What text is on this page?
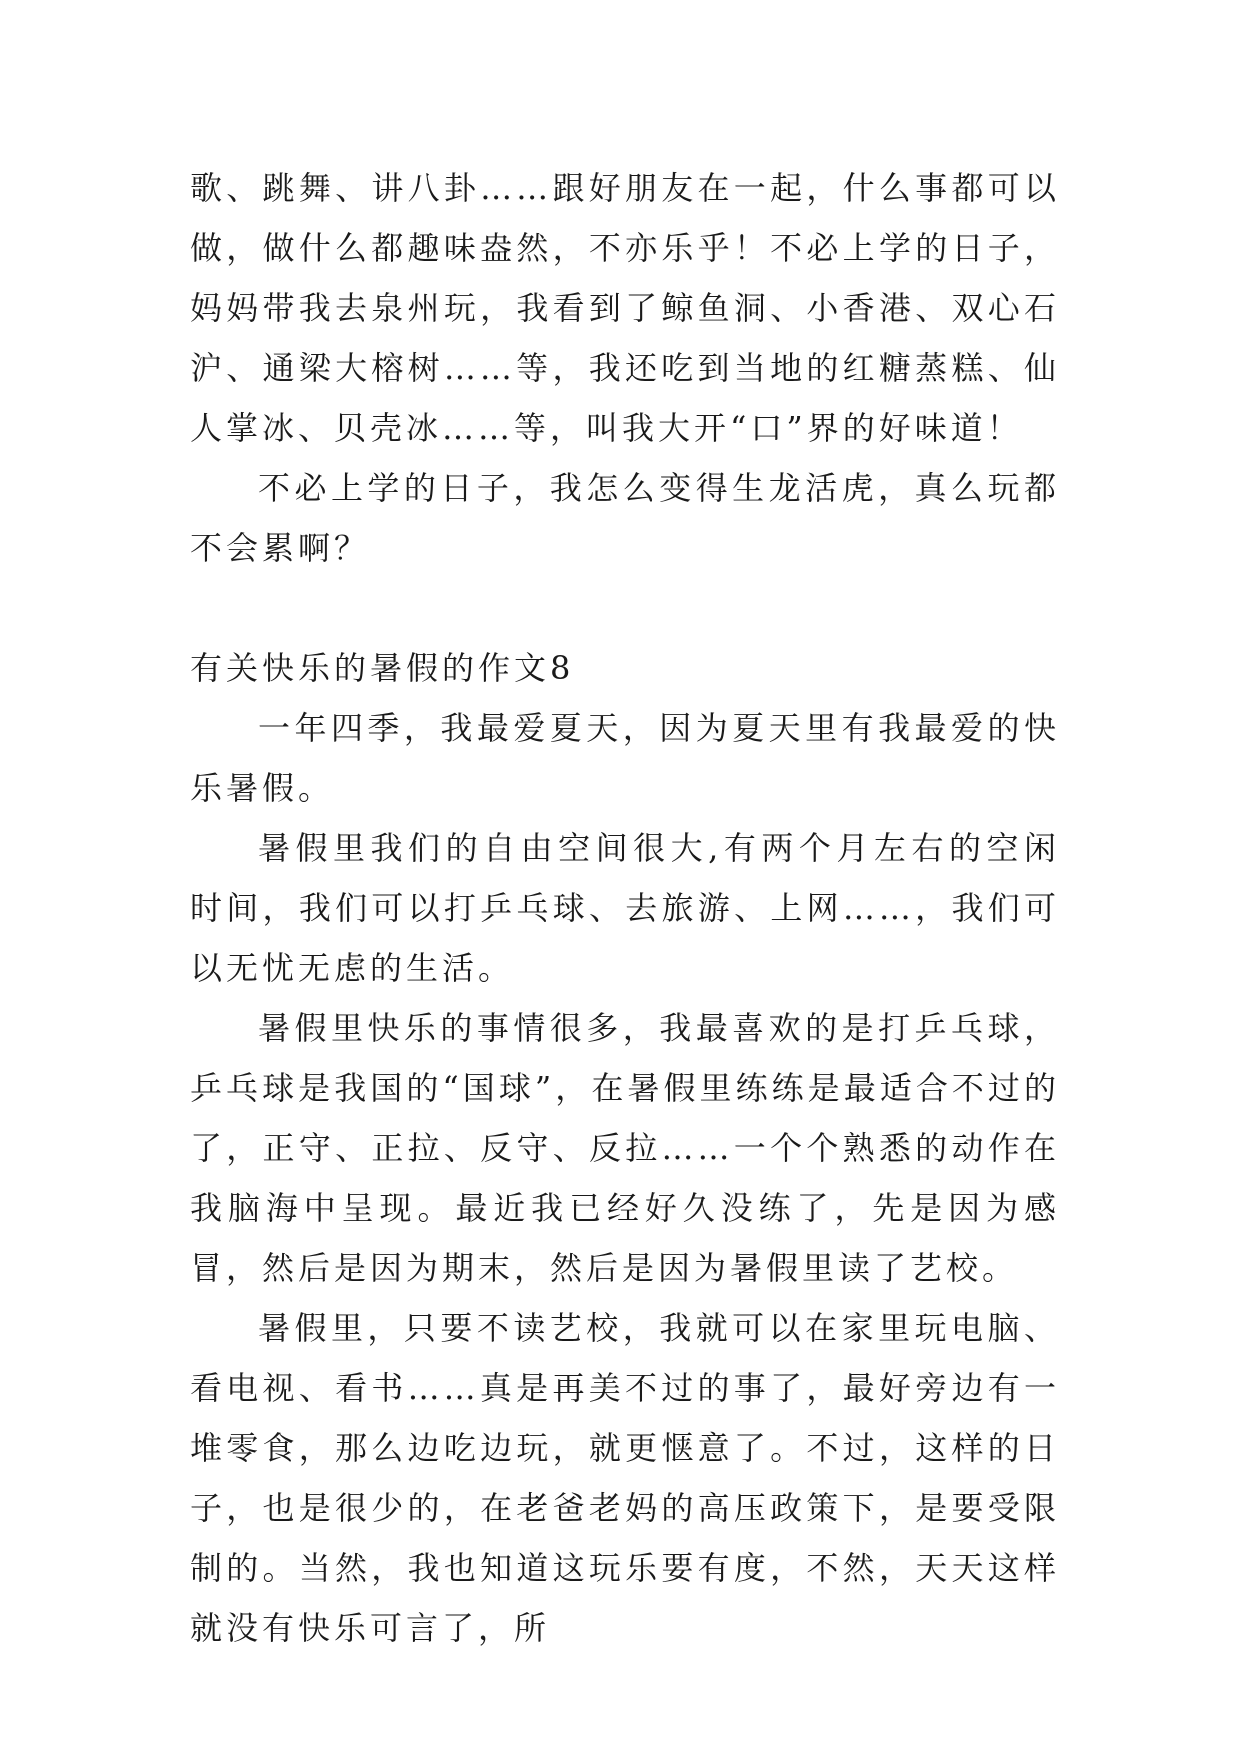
歌、跳舞、讲八卦……跟好朋友在一起，什么事都可以做，做什么都趣味盎然，不亦乐乎！不必上学的日子，妈妈带我去泉州玩，我看到了鲸鱼洞、小香港、双心石沪、通梁大榕树……等，我还吃到当地的红糖蒸糕、仙人掌冰、贝壳冰……等，叫我大开“口”界的好味道！

不必上学的日子，我怎么变得生龙活虎，真么玩都不会累啊？

有关快乐的暑假的作文8

一年四季，我最爱夏天，因为夏天里有我最爱的快乐暑假。

暑假里我们的自由空间很大,有两个月左右的空闲时间，我们可以打乒乓球、去旅游、上网……，我们可以无忧无虑的生活。

暑假里快乐的事情很多，我最喜欢的是打乒乓球，乒乓球是我国的“国球”，在暑假里练练是最适合不过的了，正守、正拉、反守、反拉……一个个熟悉的动作在我脑海中呈现。最近我已经好久没练了，先是因为感冒，然后是因为期末，然后是因为暑假里读了艺校。

暑假里，只要不读艺校，我就可以在家里玩电脑、看电视、看书……真是再美不过的事了，最好旁边有一堆零食，那么边吃边玩，就更惬意了。不过，这样的日子，也是很少的，在老爸老妈的高压政策下，是要受限制的。当然，我也知道这玩乐要有度，不然，天天这样就没有快乐可言了，所
